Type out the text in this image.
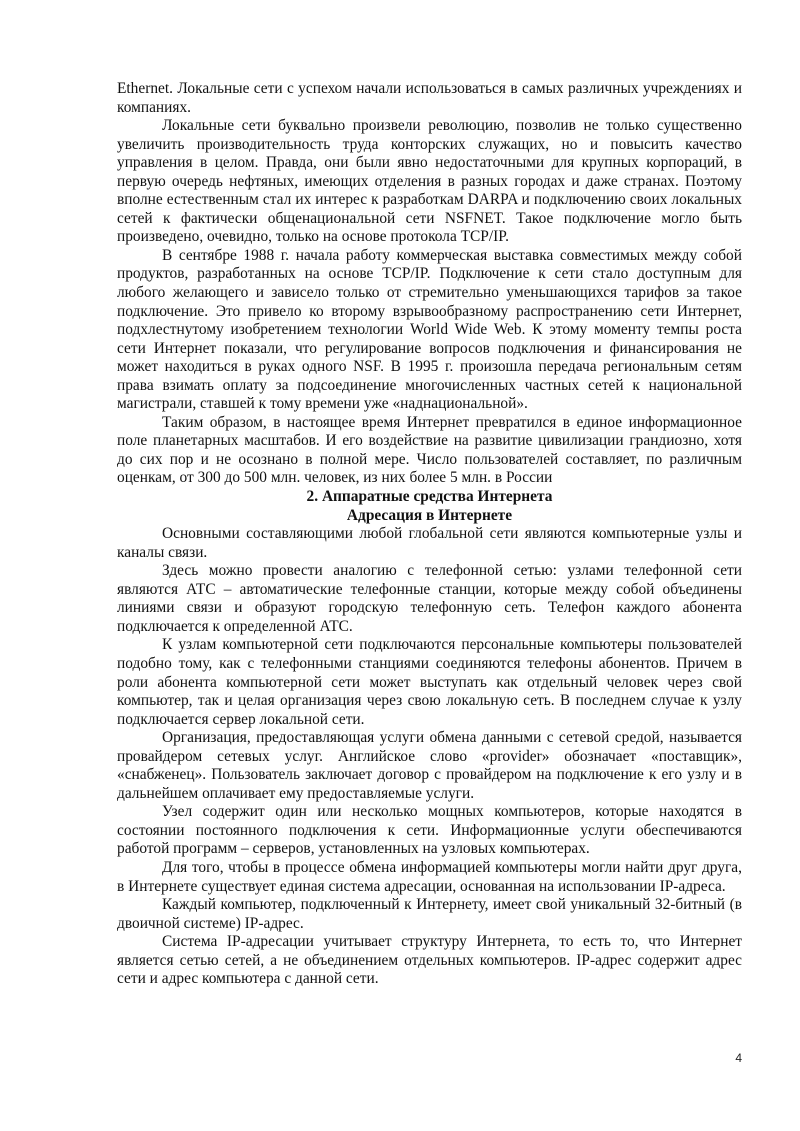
Ethernet. Локальные сети с успехом начали использоваться в самых различных учреждениях и компаниях.

Локальные сети буквально произвели революцию, позволив не только существенно увеличить производительность труда конторских служащих, но и повысить качество управления в целом. Правда, они были явно недостаточными для крупных корпораций, в первую очередь нефтяных, имеющих отделения в разных городах и даже странах. Поэтому вполне естественным стал их интерес к разработкам DARPA и подключению своих локальных сетей к фактически общенациональной сети NSFNET. Такое подключение могло быть произведено, очевидно, только на основе протокола TCP/IP.

В сентябре 1988 г. начала работу коммерческая выставка совместимых между собой продуктов, разработанных на основе TCP/IP. Подключение к сети стало доступным для любого желающего и зависело только от стремительно уменьшающихся тарифов за такое подключение. Это привело ко второму взрывообразному распространению сети Интернет, подхлестнутому изобретением технологии World Wide Web. К этому моменту темпы роста сети Интернет показали, что регулирование вопросов подключения и финансирования не может находиться в руках одного NSF. В 1995 г. произошла передача региональным сетям права взимать оплату за подсоединение многочисленных частных сетей к национальной магистрали, ставшей к тому времени уже «наднациональной».

Таким образом, в настоящее время Интернет превратился в единое информационное поле планетарных масштабов. И его воздействие на развитие цивилизации грандиозно, хотя до сих пор и не осознано в полной мере. Число пользователей составляет, по различным оценкам, от 300 до 500 млн. человек, из них более 5 млн. в России

2. Аппаратные средства Интернета
Адресация в Интернете

Основными составляющими любой глобальной сети являются компьютерные узлы и каналы связи.

Здесь можно провести аналогию с телефонной сетью: узлами телефонной сети являются АТС – автоматические телефонные станции, которые между собой объединены линиями связи и образуют городскую телефонную сеть. Телефон каждого абонента подключается к определенной АТС.

К узлам компьютерной сети подключаются персональные компьютеры пользователей подобно тому, как с телефонными станциями соединяются телефоны абонентов. Причем в роли абонента компьютерной сети может выступать как отдельный человек через свой компьютер, так и целая организация через свою локальную сеть. В последнем случае к узлу подключается сервер локальной сети.

Организация, предоставляющая услуги обмена данными с сетевой средой, называется провайдером сетевых услуг. Английское слово «provider» обозначает «поставщик», «снабженец». Пользователь заключает договор с провайдером на подключение к его узлу и в дальнейшем оплачивает ему предоставляемые услуги.

Узел содержит один или несколько мощных компьютеров, которые находятся в состоянии постоянного подключения к сети. Информационные услуги обеспечиваются работой программ – серверов, установленных на узловых компьютерах.

Для того, чтобы в процессе обмена информацией компьютеры могли найти друг друга, в Интернете существует единая система адресации, основанная на использовании IP-адреса.

Каждый компьютер, подключенный к Интернету, имеет свой уникальный 32-битный (в двоичной системе) IP-адрес.

Система IP-адресации учитывает структуру Интернета, то есть то, что Интернет является сетью сетей, а не объединением отдельных компьютеров. IP-адрес содержит адрес сети и адрес компьютера с данной сети.

4
